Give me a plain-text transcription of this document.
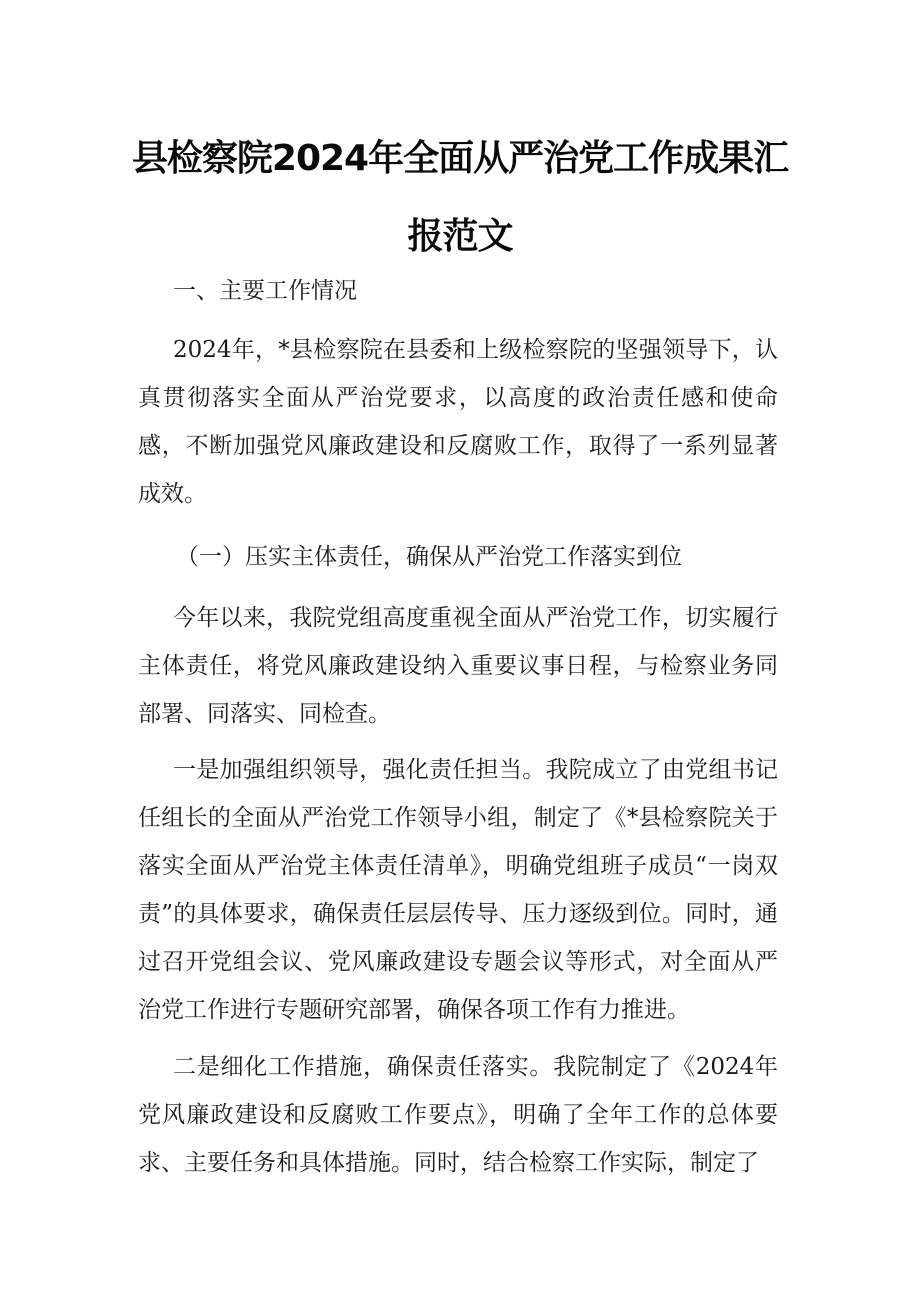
县检察院2024年全面从严治党工作成果汇
报范文
一、主要工作情况
2024年，*县检察院在县委和上级检察院的坚强领导下，认真贯彻落实全面从严治党要求，以高度的政治责任感和使命感，不断加强党风廉政建设和反腐败工作，取得了一系列显著成效。
（一）压实主体责任，确保从严治党工作落实到位
今年以来，我院党组高度重视全面从严治党工作，切实履行主体责任，将党风廉政建设纳入重要议事日程，与检察业务同部署、同落实、同检查。
一是加强组织领导，强化责任担当。我院成立了由党组书记任组长的全面从严治党工作领导小组，制定了《*县检察院关于落实全面从严治党主体责任清单》，明确党组班子成员“一岗双责”的具体要求，确保责任层层传导、压力逐级到位。同时，通过召开党组会议、党风廉政建设专题会议等形式，对全面从严治党工作进行专题研究部署，确保各项工作有力推进。
二是细化工作措施，确保责任落实。我院制定了《2024年党风廉政建设和反腐败工作要点》，明确了全年工作的总体要求、主要任务和具体措施。同时，结合检察工作实际，制定了
